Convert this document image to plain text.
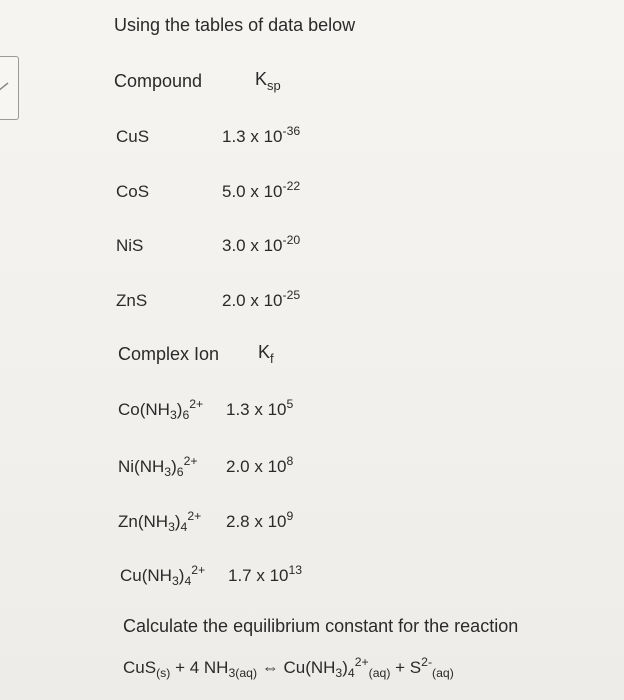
Using the tables of data below
Compound	$K_{sp}$
CuS	1.3 x $10^{-36}$
CoS	5.0 x $10^{-22}$
NiS	3.0 x $10^{-20}$
ZnS	2.0 x $10^{-25}$
Complex Ion $K_f$
$Co(NH_3)_6^{2+}$ 1.3 x $10^5$
$Ni(NH_3)_6^{2+}$ 2.0 x $10^8$
$Zn(NH_3)_4^{2+}$ 2.8 x $10^9$
$Cu(NH_3)_4^{2+}$ 1.7 x $10^{13}$
Calculate the equilibrium constant for the reaction
CuS$_{(s)}$ + 4 $NH_{3(aq)}$ ⇔ $Cu(NH_3)_4^{2+}_{(aq)} + S^{2-}_{(aq)}$
